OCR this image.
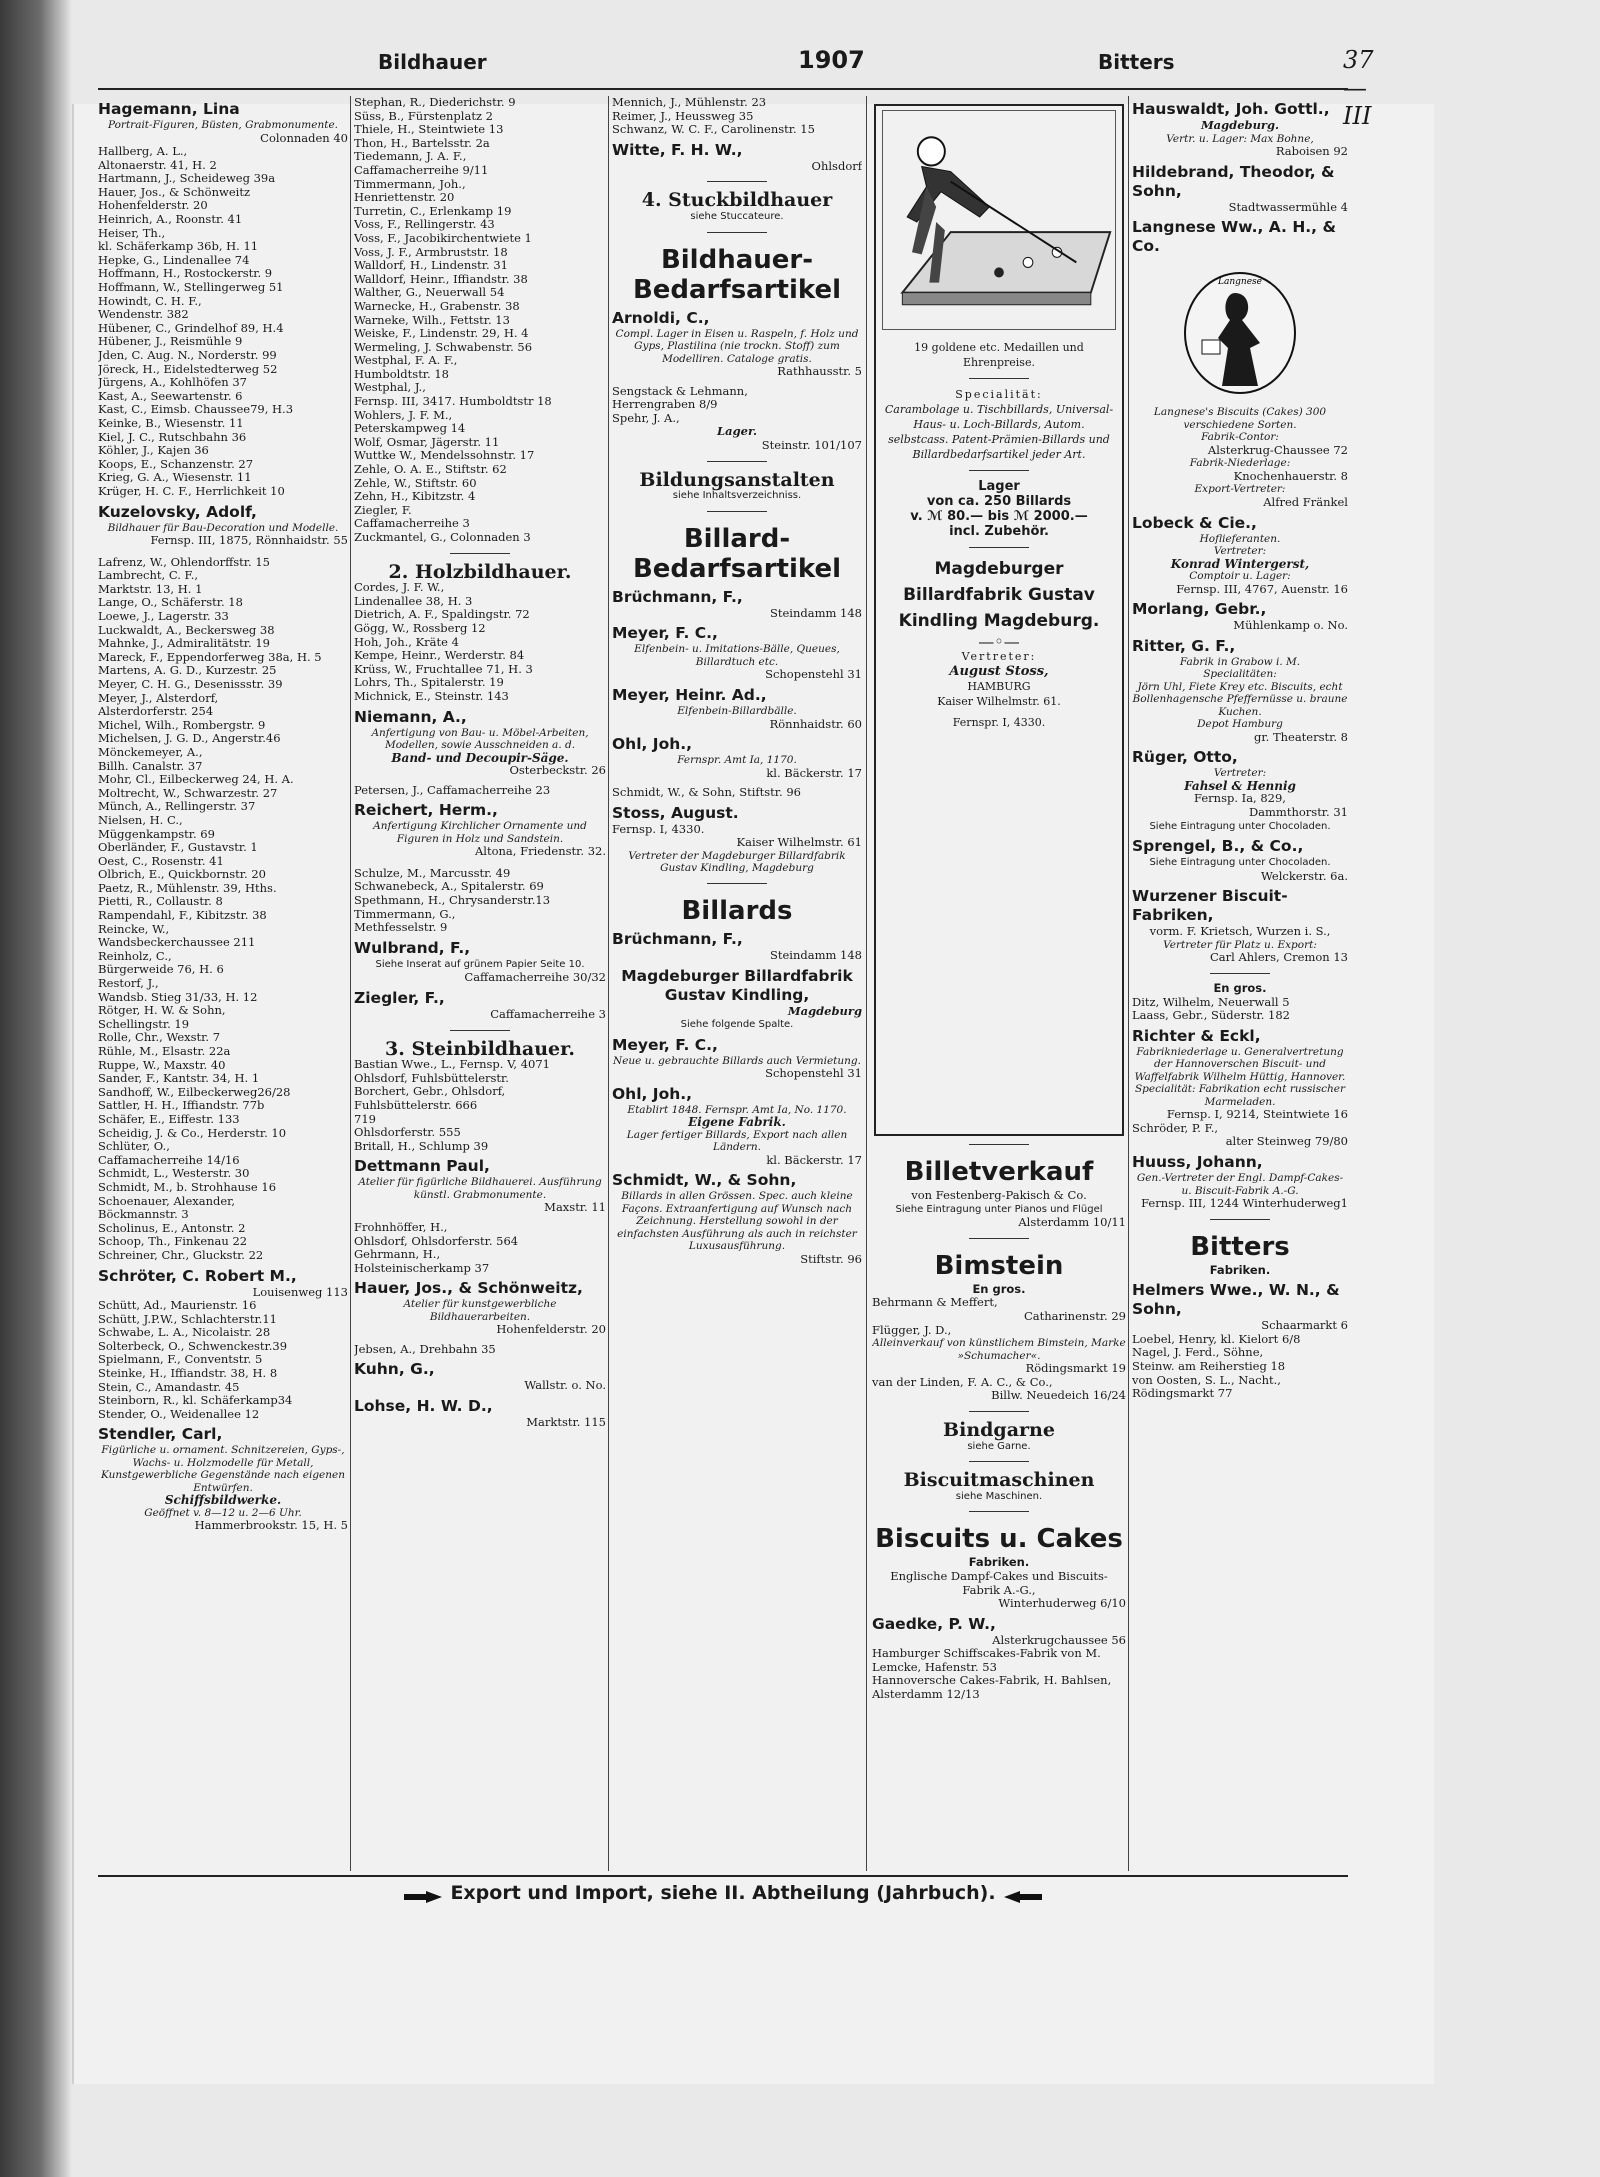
Bildhauer	1907	Bitters	37—III
Hagemann, Lina
Portrait-Figuren, Büsten, Grabmonumente.
Colonnaden 40
Hallberg, A. L.,
Altonaerstr. 41, H. 2
Hartmann, J., Scheideweg 39a
Hauer, Jos., & Schönweitz
Hohenfelderstr. 20
Heinrich, A., Roonstr. 41
Heiser, Th.,
kl. Schäferkamp 36b, H. 11
Hepke, G., Lindenallee 74
Hoffmann, H., Rostockerstr. 9
Hoffmann, W., Stellingerweg 51
Howindt, C. H. F.,
Wendenstr. 382
Hübener, C., Grindelhof 89, H.4
Hübener, J., Reismühle 9
Jden, C. Aug. N., Norderstr. 99
Jöreck, H., Eidelstedterweg 52
Jürgens, A., Kohlhöfen 37
Kast, A., Seewartenstr. 6
Kast, C., Eimsb. Chaussee79, H.3
Keinke, B., Wiesenstr. 11
Kiel, J. C., Rutschbahn 36
Köhler, J., Kajen 36
Koops, E., Schanzenstr. 27
Krieg, G. A., Wiesenstr. 11
Krüger, H. C. F., Herrlichkeit 10
Kuzelovsky, Adolf,
Bildhauer für Bau-Decoration und Modelle.
Fernsp. III, 1875, Rönnhaidstr. 55
Lafrenz, W., Ohlendorffstr. 15
Lambrecht, C. F.,
Marktstr. 13, H. 1
Lange, O., Schäferstr. 18
Loewe, J., Lagerstr. 33
Luckwaldt, A., Beckersweg 38
Mahnke, J., Admiralitätstr. 19
Mareck, F., Eppendorferweg 38a, H. 5
Martens, A. G. D., Kurzestr. 25
Meyer, C. H. G., Desenissstr. 39
Meyer, J., Alsterdorf,
Alsterdorferstr. 254
Michel, Wilh., Rombergstr. 9
Michelsen, J. G. D., Angerstr.46
Mönckemeyer, A.,
Billh. Canalstr. 37
Mohr, Cl., Eilbeckerweg 24, H. A.
Moltrecht, W., Schwarzestr. 27
Münch, A., Rellingerstr. 37
Nielsen, H. C.,
Müggenkampstr. 69
Oberländer, F., Gustavstr. 1
Oest, C., Rosenstr. 41
Olbrich, E., Quickbornstr. 20
Paetz, R., Mühlenstr. 39, Hths.
Pietti, R., Collaustr. 8
Rampendahl, F., Kibitzstr. 38
Reincke, W.,
Wandsbeckerchaussee 211
Reinholz, C.,
Bürgerweide 76, H. 6
Restorf, J.,
Wandsb. Stieg 31/33, H. 12
Rötger, H. W. & Sohn,
Schellingstr. 19
Rolle, Chr., Wexstr. 7
Rühle, M., Elsastr. 22a
Ruppe, W., Maxstr. 40
Sander, F., Kantstr. 34, H. 1
Sandhoff, W., Eilbeckerweg26/28
Sattler, H. H., Iffiandstr. 77b
Schäfer, E., Eiffestr. 133
Scheidig, J. & Co., Herderstr. 10
Schlüter, O.,
Caffamacherreihe 14/16
Schmidt, L., Westerstr. 30
Schmidt, M., b. Strohhause 16
Schoenauer, Alexander,
Böckmannstr. 3
Scholinus, E., Antonstr. 2
Schoop, Th., Finkenau 22
Schreiner, Chr., Gluckstr. 22
Schröter, C. Robert M.,
Louisenweg 113
Schütt, Ad., Maurienstr. 16
Schütt, J.P.W., Schlachterstr.11
Schwabe, L. A., Nicolaistr. 28
Solterbeck, O., Schwenckestr.39
Spielmann, F., Conventstr. 5
Steinke, H., Iffiandstr. 38, H. 8
Stein, C., Amandastr. 45
Steinborn, R., kl. Schäferkamp34
Stender, O., Weidenallee 12
Stendler, Carl,
Figürliche u. ornament. Schnitzereien, Gyps-, Wachs- u. Holzmodelle für Metall, Kunstgewerbliche Gegenstände nach eigenen Entwürfen.
Schiffsbildwerke.
Geöffnet v. 8—12 u. 2—6 Uhr.
Hammerbrookstr. 15, H. 5
Stephan, R., Diederichstr. 9
Süss, B., Fürstenplatz 2
Thiele, H., Steintwiete 13
Thon, H., Bartelsstr. 2a
Tiedemann, J. A. F.,
Caffamacherreihe 9/11
Timmermann, Joh.,
Henriettenstr. 20
Turretin, C., Erlenkamp 19
Voss, F., Rellingerstr. 43
Voss, F., Jacobikirchentwiete 1
Voss, J. F., Armbruststr. 18
Walldorf, H., Lindenstr. 31
Walldorf, Heinr., Iffiandstr. 38
Walther, G., Neuerwall 54
Warnecke, H., Grabenstr. 38
Warneke, Wilh., Fettstr. 13
Weiske, F., Lindenstr. 29, H. 4
Wermeling, J. Schwabenstr. 56
Westphal, F. A. F.,
Humboldtstr. 18
Westphal, J.,
Fernsp. III, 3417. Humboldtstr 18
Wohlers, J. F. M.,
Peterskampweg 14
Wolf, Osmar, Jägerstr. 11
Wuttke W., Mendelssohnstr. 17
Zehle, O. A. E., Stiftstr. 62
Zehle, W., Stiftstr. 60
Zehn, H., Kibitzstr. 4
Ziegler, F.
Caffamacherreihe 3
Zuckmantel, G., Colonnaden 3
2. Holzbildhauer.
Cordes, J. F. W.,
Lindenallee 38, H. 3
Dietrich, A. F., Spaldingstr. 72
Gögg, W., Rossberg 12
Hoh, Joh., Kräte 4
Kempe, Heinr., Werderstr. 84
Krüss, W., Fruchtallee 71, H. 3
Lohrs, Th., Spitalerstr. 19
Michnick, E., Steinstr. 143
Niemann, A.,
Anfertigung von Bau- u. Möbel-Arbeiten, Modellen, sowie Ausschneiden a. d.
Band- und Decoupir-Säge.
Osterbeckstr. 26
Petersen, J., Caffamacherreihe 23
Reichert, Herm.,
Anfertigung Kirchlicher Ornamente und Figuren in Holz und Sandstein.
Altona, Friedenstr. 32.
Schulze, M., Marcusstr. 49
Schwanebeck, A., Spitalerstr. 69
Spethmann, H., Chrysanderstr.13
Timmermann, G.,
Methfesselstr. 9
Wulbrand, F.,
Siehe Inserat auf grünem Papier Seite 10.
Caffamacherreihe 30/32
Ziegler, F.,
Caffamacherreihe 3
3. Steinbildhauer.
Bastian Wwe., L., Fernsp. V, 4071
Ohlsdorf, Fuhlsbüttelerstr.
Borchert, Gebr., Ohlsdorf,
Fuhlsbüttelerstr. 666
719
Ohlsdorferstr. 555
Britall, H., Schlump 39
Dettmann Paul,
Atelier für figürliche Bildhauerei. Ausführung künstl. Grabmonumente.
Maxstr. 11
Frohnhöffer, H.,
Ohlsdorf, Ohlsdorferstr. 564
Gehrmann, H.,
Holsteinischerkamp 37
Hauer, Jos., & Schönweitz,
Atelier für kunstgewerbliche Bildhauerarbeiten.
Hohenfelderstr. 20
Jebsen, A., Drehbahn 35
Kuhn, G.,
Wallstr. o. No.
Lohse, H. W. D.,
Marktstr. 115
Mennich, J., Mühlenstr. 23
Reimer, J., Heussweg 35
Schwanz, W. C. F., Carolinenstr. 15
Witte, F. H. W.,
Ohlsdorf
4. Stuckbildhauer
siehe Stuccateure.
Bildhauer-Bedarfsartikel
Arnoldi, C.,
Compl. Lager in Eisen u. Raspeln, f. Holz und Gyps, Plastilina (nie trockn. Stoff) zum Modelliren. Cataloge gratis.
Rathhausstr. 5
Sengstack & Lehmann,
Herrengraben 8/9
Spehr, J. A.,
Lager.
Steinstr. 101/107
Bildungsanstalten
siehe Inhaltsverzeichniss.
Billard-Bedarfsartikel
Brüchmann, F.,
Steindamm 148
Meyer, F. C.,
Elfenbein- u. Imitations-Bälle, Queues, Billardtuch etc.
Schopenstehl 31
Meyer, Heinr. Ad.,
Elfenbein-Billardbälle.
Rönnhaidstr. 60
Ohl, Joh.,
Fernspr. Amt Ia, 1170.
kl. Bäckerstr. 17
Schmidt, W., & Sohn, Stiftstr. 96
Stoss, August.
Fernsp. I, 4330.
Kaiser Wilhelmstr. 61
Vertreter der Magdeburger Billardfabrik Gustav Kindling, Magdeburg
Billards
Brüchmann, F.,
Steindamm 148
Magdeburger Billardfabrik Gustav Kindling,
Magdeburg
Siehe folgende Spalte.
Meyer, F. C.,
Neue u. gebrauchte Billards auch Vermietung.
Schopenstehl 31
Ohl, Joh.,
Etablirt 1848. Fernspr. Amt Ia, No. 1170.
Eigene Fabrik.
Lager fertiger Billards, Export nach allen Ländern.
kl. Bäckerstr. 17
Schmidt, W., & Sohn,
Billards in allen Grössen. Spec. auch kleine Façons. Extraanfertigung auf Wunsch nach Zeichnung. Herstellung sowohl in der einfachsten Ausführung als auch in reichster Luxusausführung.
Stiftstr. 96
19 goldene etc. Medaillen und Ehrenpreise.
Specialität:
Carambolage u. Tischbillards, Universal-Haus- u. Loch-Billards, Autom. selbstcass. Patent-Prämien-Billards und Billardbedarfsartikel jeder Art.
Lager
von ca. 250 Billards
v. ℳ 80.— bis ℳ 2000.—
incl. Zubehör.
Magdeburger Billardfabrik Gustav Kindling Magdeburg.
—◦—
Vertreter:
August Stoss,
HAMBURG
Kaiser Wilhelmstr. 61.
Fernspr. I, 4330.
Billetverkauf
von Festenberg-Pakisch & Co.
Siehe Eintragung unter Pianos und Flügel
Alsterdamm 10/11
Bimstein
En gros.
Behrmann & Meffert,
Catharinenstr. 29
Flügger, J. D.,
Alleinverkauf von künstlichem Bimstein, Marke »Schumacher«.
Rödingsmarkt 19
van der Linden, F. A. C., & Co.,
Billw. Neuedeich 16/24
Bindgarne
siehe Garne.
Biscuitmaschinen
siehe Maschinen.
Biscuits u. Cakes
Fabriken.
Englische Dampf-Cakes und Biscuits-Fabrik A.-G.,
Winterhuderweg 6/10
Gaedke, P. W.,
Alsterkrugchaussee 56
Hamburger Schiffscakes-Fabrik von M. Lemcke, Hafenstr. 53
Hannoversche Cakes-Fabrik, H. Bahlsen, Alsterdamm 12/13
Hauswaldt, Joh. Gottl.,
Magdeburg.
Vertr. u. Lager: Max Bohne,
Raboisen 92
Hildebrand, Theodor, & Sohn,
Stadtwassermühle 4
Langnese Ww., A. H., & Co.
Langnese
Langnese's Biscuits (Cakes) 300 verschiedene Sorten.
Fabrik-Contor:
Alsterkrug-Chaussee 72
Fabrik-Niederlage:
Knochenhauerstr. 8
Export-Vertreter:
Alfred Fränkel
Lobeck & Cie.,
Hoflieferanten.
Vertreter:
Konrad Wintergerst,
Comptoir u. Lager:
Fernsp. III, 4767, Auenstr. 16
Morlang, Gebr.,
Mühlenkamp o. No.
Ritter, G. F.,
Fabrik in Grabow i. M.
Specialitäten:
Jörn Uhl, Fiete Krey etc. Biscuits, echt Bollenhagensche Pfeffernüsse u. braune Kuchen.
Depot Hamburg
gr. Theaterstr. 8
Rüger, Otto,
Vertreter:
Fahsel & Hennig
Fernsp. Ia, 829,
Dammthorstr. 31
Siehe Eintragung unter Chocoladen.
Sprengel, B., & Co.,
Siehe Eintragung unter Chocoladen.
Welckerstr. 6a.
Wurzener Biscuit-Fabriken,
vorm. F. Krietsch, Wurzen i. S.,
Vertreter für Platz u. Export:
Carl Ahlers, Cremon 13
En gros.
Ditz, Wilhelm, Neuerwall 5
Laass, Gebr., Süderstr. 182
Richter & Eckl,
Fabrikniederlage u. Generalvertretung der Hannoverschen Biscuit- und Waffelfabrik Wilhelm Hüttig, Hannover. Specialität: Fabrikation echt russischer Marmeladen.
Fernsp. I, 9214, Steintwiete 16
Schröder, P. F.,
alter Steinweg 79/80
Huuss, Johann,
Gen.-Vertreter der Engl. Dampf-Cakes- u. Biscuit-Fabrik A.-G.
Fernsp. III, 1244 Winterhuderweg1
Bitters
Fabriken.
Helmers Wwe., W. N., & Sohn,
Schaarmarkt 6
Loebel, Henry, kl. Kielort 6/8
Nagel, J. Ferd., Söhne,
Steinw. am Reiherstieg 18
von Oosten, S. L., Nacht.,
Rödingsmarkt 77
Export und Import, siehe II. Abtheilung (Jahrbuch).
